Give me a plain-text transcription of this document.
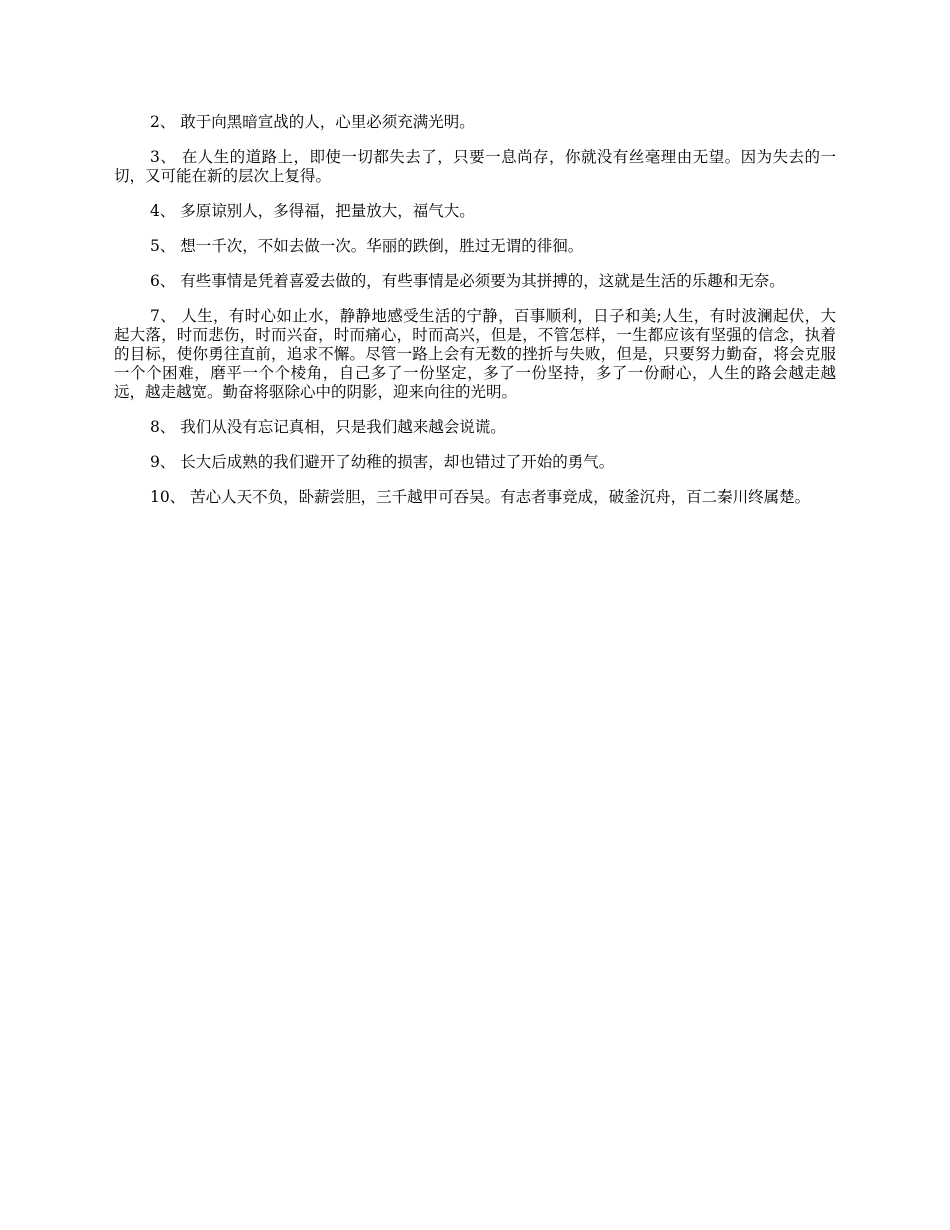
2、 敢于向黑暗宣战的人，心里必须充满光明。

3、 在人生的道路上，即使一切都失去了，只要一息尚存，你就没有丝毫理由无望。因为失去的一切，又可能在新的层次上复得。

4、 多原谅别人，多得福，把量放大，福气大。

5、 想一千次，不如去做一次。华丽的跌倒，胜过无谓的徘徊。

6、 有些事情是凭着喜爱去做的，有些事情是必须要为其拼搏的，这就是生活的乐趣和无奈。

7、 人生，有时心如止水，静静地感受生活的宁静，百事顺利，日子和美;人生，有时波澜起伏，大起大落，时而悲伤，时而兴奋，时而痛心，时而高兴，但是，不管怎样，一生都应该有坚强的信念，执着的目标，使你勇往直前，追求不懈。尽管一路上会有无数的挫折与失败，但是，只要努力勤奋，将会克服一个个困难，磨平一个个棱角，自己多了一份坚定，多了一份坚持，多了一份耐心，人生的路会越走越远，越走越宽。勤奋将驱除心中的阴影，迎来向往的光明。

8、 我们从没有忘记真相，只是我们越来越会说谎。

9、 长大后成熟的我们避开了幼稚的损害，却也错过了开始的勇气。

10、 苦心人天不负，卧薪尝胆，三千越甲可吞吴。有志者事竞成，破釜沉舟，百二秦川终属楚。
